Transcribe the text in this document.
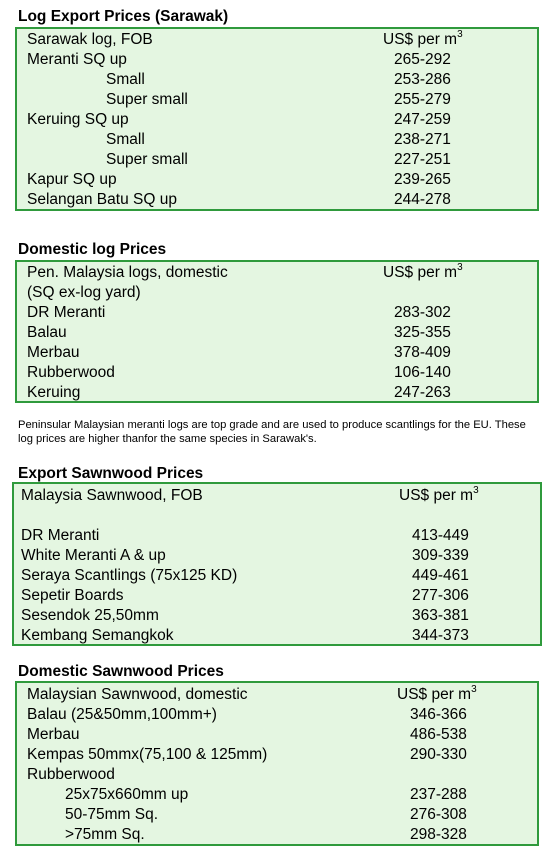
Log Export Prices (Sarawak)
Sarawak log, FOB	US$ per $m^3$
Meranti SQ up	265-292
Small	253-286
Super small	255-279
Keruing SQ up	247-259
Small	238-271
Super small	227-251
Kapur SQ up	239-265
Selangan Batu SQ up	244-278
Domestic log Prices
Pen. Malaysia logs, domestic	US$ per $m^3$
(SQ ex-log yard)
DR Meranti	283-302
Balau	325-355
Merbau	378-409
Rubberwood	106-140
Keruing	247-263
Peninsular Malaysian meranti logs are top grade and are used to produce scantlings for the EU. These log prices are higher thanfor the same species in Sarawak's.
Export Sawnwood Prices
Malaysia Sawnwood, FOB	US$ per $m^3$
DR Meranti	413-449
White Meranti A & up	309-339
Seraya Scantlings (75x125 KD)	449-461
Sepetir Boards	277-306
Sesendok 25,50mm	363-381
Kembang Semangkok	344-373
Domestic Sawnwood Prices
Malaysian Sawnwood, domestic	US$ per $m^3$
Balau (25&50mm,100mm+)	346-366
Merbau	486-538
Kempas 50mmx(75,100 & 125mm)	290-330
Rubberwood
25x75x660mm up	237-288
50-75mm Sq.	276-308
>75mm Sq.	298-328
